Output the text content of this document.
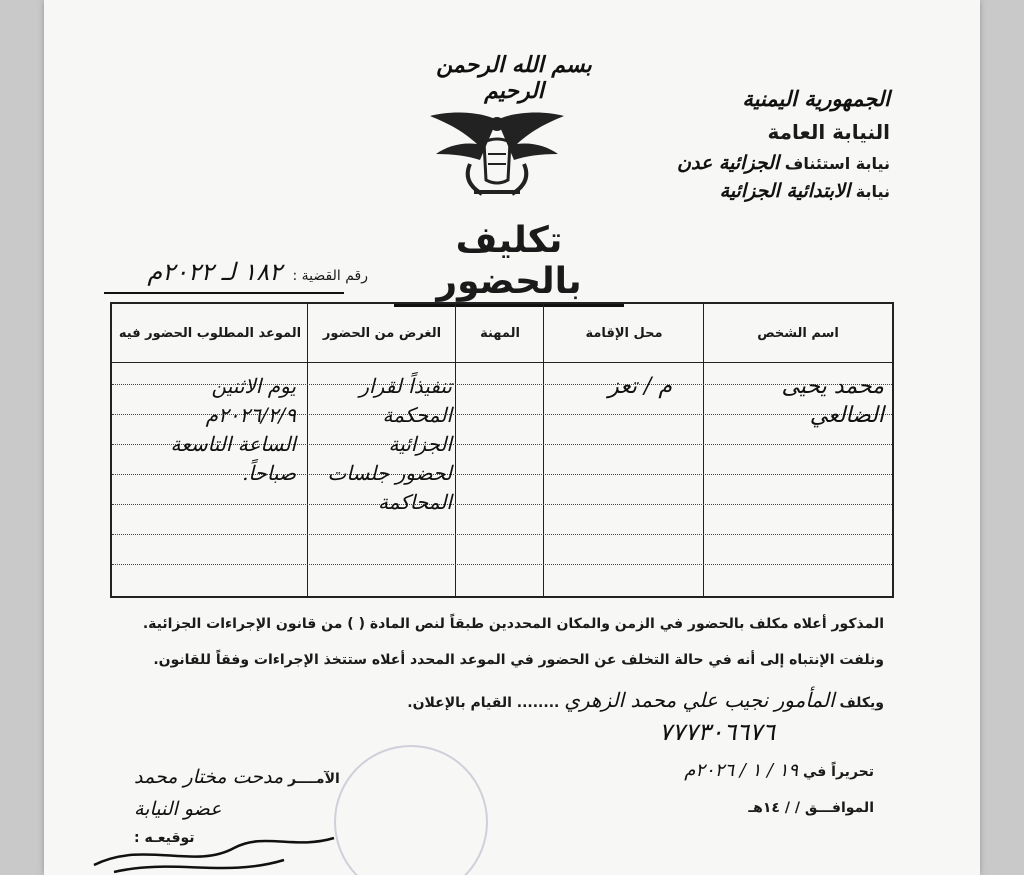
بسم الله الرحمن الرحيم	الجمهورية اليمنية
النيابة العامة
نيابة استئناف الجزائية عدن
نيابة الابتدائية الجزائية
تكليف بالحضور
رقم القضية : ١٨٢ لـ ٢٠٢٢م
اسم الشخص
محل الإقامة
المهنة
الغرض من الحضور
الموعد المطلوب الحضور فيه
محمد يحيى
الضالعي
م / تعز
تنفيذاً لقرار
المحكمة
الجزائية
لحضور جلسات
المحاكمة
يوم الاثنين
٢٠٢٦/٢/٩م
الساعة التاسعة
صباحاً.
المذكور أعلاه مكلف بالحضور في الزمن والمكان المحددين طبقاً لنص المادة ( ) من قانون الإجراءات الجزائية.
ونلفت الإنتباه إلى أنه في حالة التخلف عن الحضور في الموعد المحدد أعلاه ستتخذ الإجراءات وفقاً للقانون.
ويكلف المأمور نجيب علي محمد الزهري ........ القيام بالإعلان.
٧٧٧٣٠٦٦٧٦
تحريراً في ١٩ / ١ / ٢٠٢٦م
الموافـــق / / ١٤هـ
الآمــــر مدحت مختار محمد
عضو النيابة
توقيعـه :
